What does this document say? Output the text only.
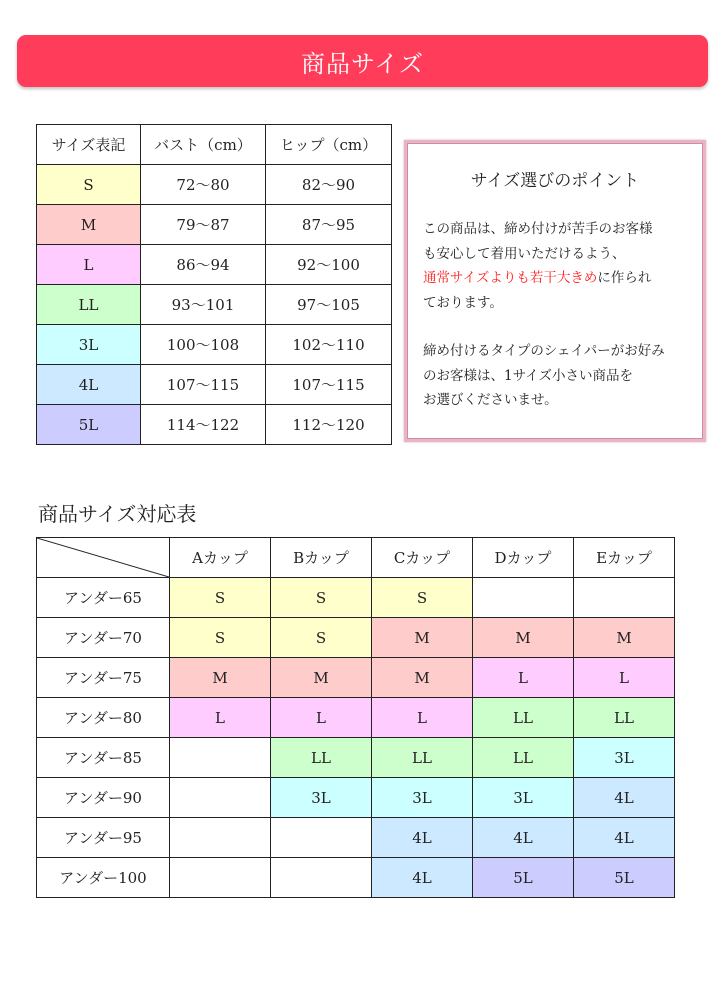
商品サイズ
サイズ表記	バスト（cm）	ヒップ（cm）
S	72〜80	82〜90
M	79〜87	87〜95
L	86〜94	92〜100
LL	93〜101	97〜105
3L	100〜108	102〜110
4L	107〜115	107〜115
5L	114〜122	112〜120
サイズ選びのポイント
この商品は、締め付けが苦手のお客様
も安心して着用いただけるよう、
通常サイズよりも若干大きめに作られ
ております。
締め付けるタイプのシェイパーがお好み
のお客様は、1サイズ小さい商品を
お選びくださいませ。
商品サイズ対応表
	Aカップ	Bカップ	Cカップ	Dカップ	Eカップ
アンダー65	S	S	S		
アンダー70	S	S	M	M	M
アンダー75	M	M	M	L	L
アンダー80	L	L	L	LL	LL
アンダー85		LL	LL	LL	3L
アンダー90		3L	3L	3L	4L
アンダー95			4L	4L	4L
アンダー100			4L	5L	5L
